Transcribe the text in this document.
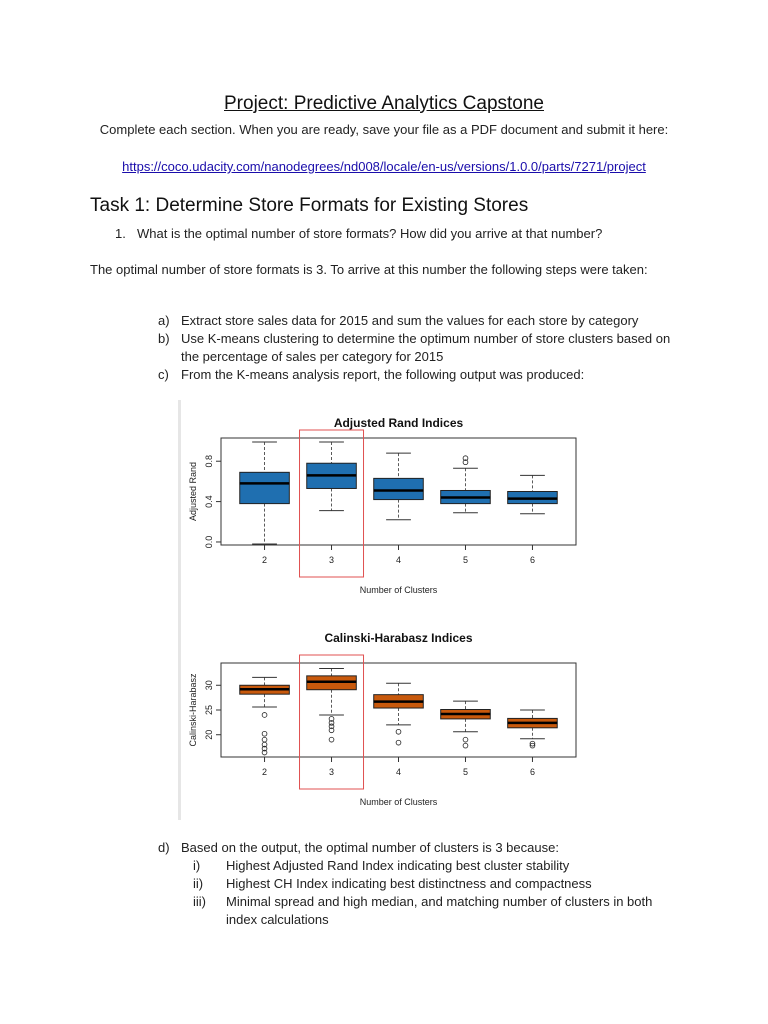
Project: Predictive Analytics Capstone
Complete each section. When you are ready, save your file as a PDF document and submit it here:
https://coco.udacity.com/nanodegrees/nd008/locale/en-us/versions/1.0.0/parts/7271/project
Task 1: Determine Store Formats for Existing Stores
1. What is the optimal number of store formats? How did you arrive at that number?
The optimal number of store formats is 3. To arrive at this number the following steps were taken:
a) Extract store sales data for 2015 and sum the values for each store by category
b) Use K-means clustering to determine the optimum number of store clusters based on the percentage of sales per category for 2015
c) From the K-means analysis report, the following output was produced:
Adjusted Rand Indices
0.0
0.4
0.8
Adjusted Rand
2	3	4	5	6
Number of Clusters
Calinski-Harabasz Indices
20
25
30
Calinski-Harabasz
2	3	4	5	6
Number of Clusters
d) Based on the output, the optimal number of clusters is 3 because:
i)	Highest Adjusted Rand Index indicating best cluster stability
ii)	Highest CH Index indicating best distinctness and compactness
iii)	Minimal spread and high median, and matching number of clusters in both index calculations
